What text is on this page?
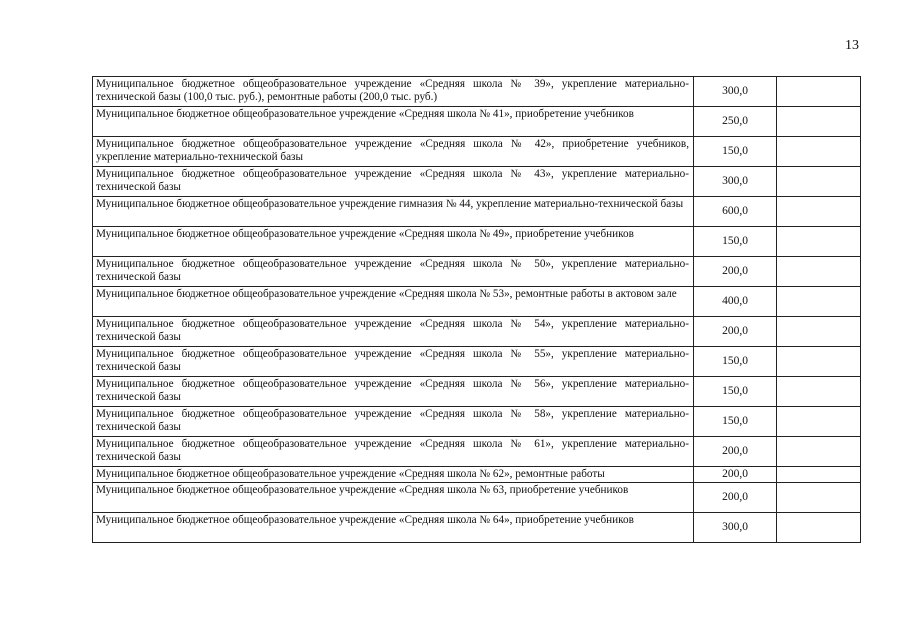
13
Муниципальное бюджетное общеобразовательное учреждение «Средняя школа № 39», укрепление материально-технической базы (100,0 тыс. руб.), ремонтные работы (200,0 тыс. руб.)	300,0	
Муниципальное бюджетное общеобразовательное учреждение «Средняя школа № 41», приобретение учебников	250,0	
Муниципальное бюджетное общеобразовательное учреждение «Средняя школа № 42», приобретение учебников, укрепление материально-технической базы	150,0	
Муниципальное бюджетное общеобразовательное учреждение «Средняя школа № 43», укрепление материально-технической базы	300,0	
Муниципальное бюджетное общеобразовательное учреждение гимназия № 44, укрепление материально-технической базы	600,0	
Муниципальное бюджетное общеобразовательное учреждение «Средняя школа № 49», приобретение учебников	150,0	
Муниципальное бюджетное общеобразовательное учреждение «Средняя школа № 50», укрепление материально-технической базы	200,0	
Муниципальное бюджетное общеобразовательное учреждение «Средняя школа № 53», ремонтные работы в актовом зале	400,0	
Муниципальное бюджетное общеобразовательное учреждение «Средняя школа № 54», укрепление материально-технической базы	200,0	
Муниципальное бюджетное общеобразовательное учреждение «Средняя школа № 55», укрепление материально-технической базы	150,0	
Муниципальное бюджетное общеобразовательное учреждение «Средняя школа № 56», укрепление материально-технической базы	150,0	
Муниципальное бюджетное общеобразовательное учреждение «Средняя школа № 58», укрепление материально-технической базы	150,0	
Муниципальное бюджетное общеобразовательное учреждение «Средняя школа № 61», укрепление материально-технической базы	200,0	
Муниципальное бюджетное общеобразовательное учреждение «Средняя школа № 62», ремонтные работы	200,0	
Муниципальное бюджетное общеобразовательное учреждение «Средняя школа № 63, приобретение учебников	200,0	
Муниципальное бюджетное общеобразовательное учреждение «Средняя школа № 64», приобретение учебников	300,0	
